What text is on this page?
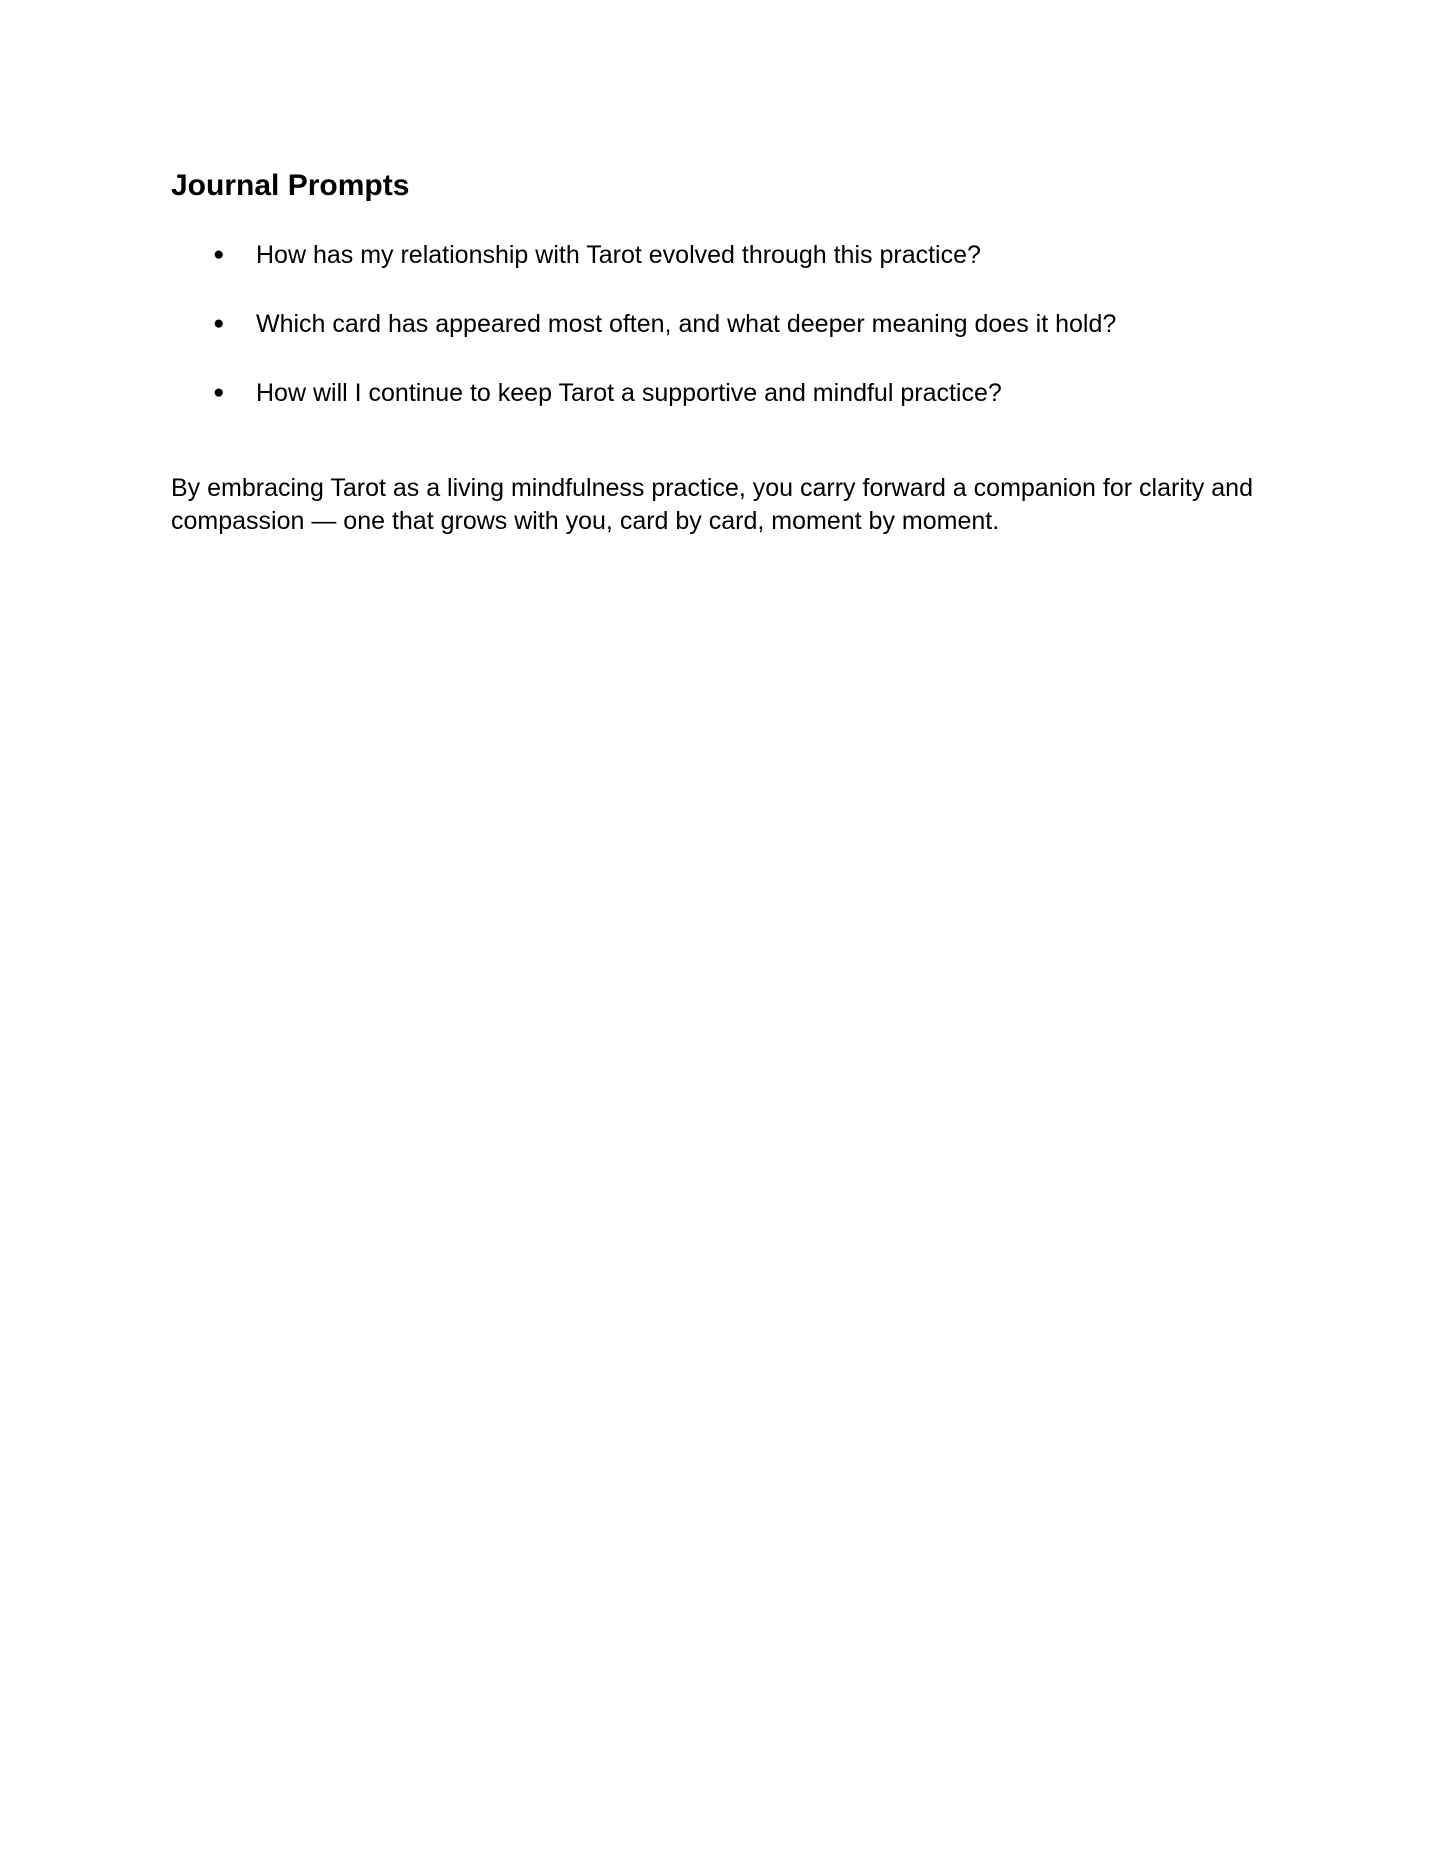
Journal Prompts
● How has my relationship with Tarot evolved through this practice?
● Which card has appeared most often, and what deeper meaning does it hold?
● How will I continue to keep Tarot a supportive and mindful practice?

By embracing Tarot as a living mindfulness practice, you carry forward a companion for clarity and compassion — one that grows with you, card by card, moment by moment.
